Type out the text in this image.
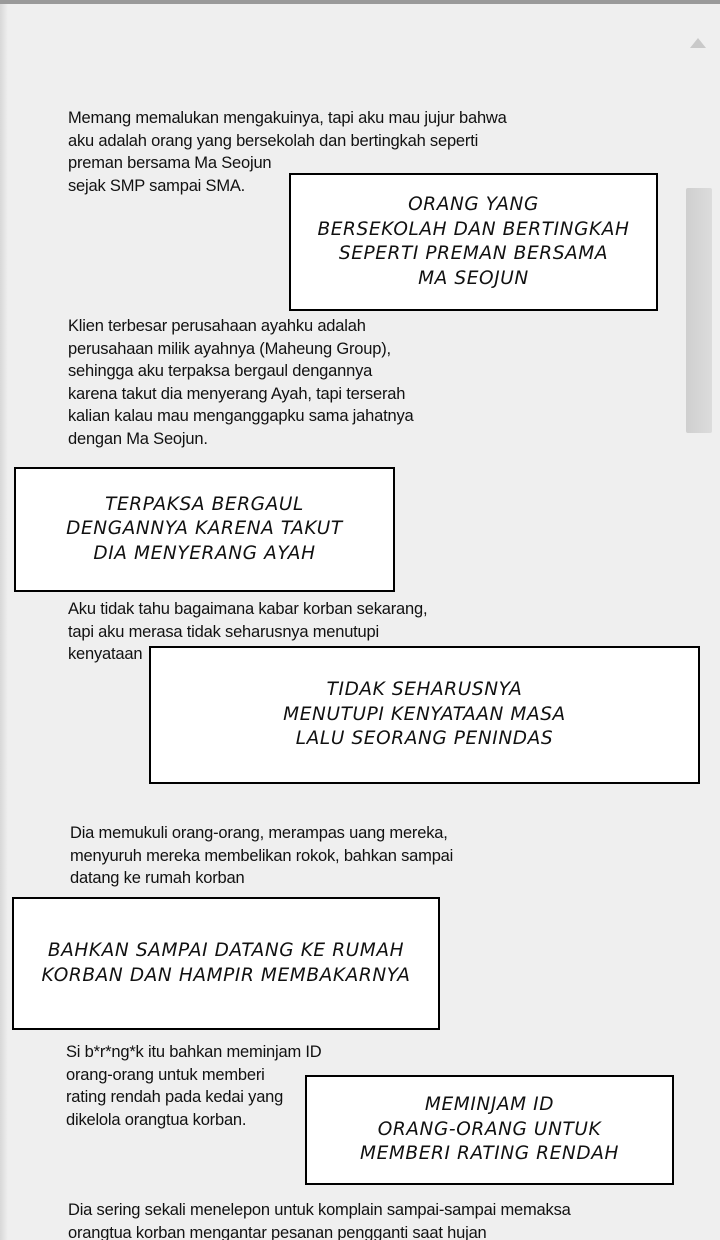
Memang memalukan mengakuinya, tapi aku mau jujur bahwa
aku adalah orang yang bersekolah dan bertingkah seperti
preman bersama Ma Seojun
sejak SMP sampai SMA.
ORANG YANG
BERSEKOLAH DAN BERTINGKAH
SEPERTI PREMAN BERSAMA
MA SEOJUN
Klien terbesar perusahaan ayahku adalah
perusahaan milik ayahnya (Maheung Group),
sehingga aku terpaksa bergaul dengannya
karena takut dia menyerang Ayah, tapi terserah
kalian kalau mau menganggapku sama jahatnya
dengan Ma Seojun.
TERPAKSA BERGAUL
DENGANNYA KARENA TAKUT
DIA MENYERANG AYAH
Aku tidak tahu bagaimana kabar korban sekarang,
tapi aku merasa tidak seharusnya menutupi
kenyataan
TIDAK SEHARUSNYA
MENUTUPI KENYATAAN MASA
LALU SEORANG PENINDAS
Dia memukuli orang-orang, merampas uang mereka,
menyuruh mereka membelikan rokok, bahkan sampai
datang ke rumah korban
BAHKAN SAMPAI DATANG KE RUMAH
KORBAN DAN HAMPIR MEMBAKARNYA
Si b*r*ng*k itu bahkan meminjam ID
orang-orang untuk memberi
rating rendah pada kedai yang
dikelola orangtua korban.
MEMINJAM ID
ORANG-ORANG UNTUK
MEMBERI RATING RENDAH
Dia sering sekali menelepon untuk komplain sampai-sampai memaksa
orangtua korban mengantar pesanan pengganti saat hujan
